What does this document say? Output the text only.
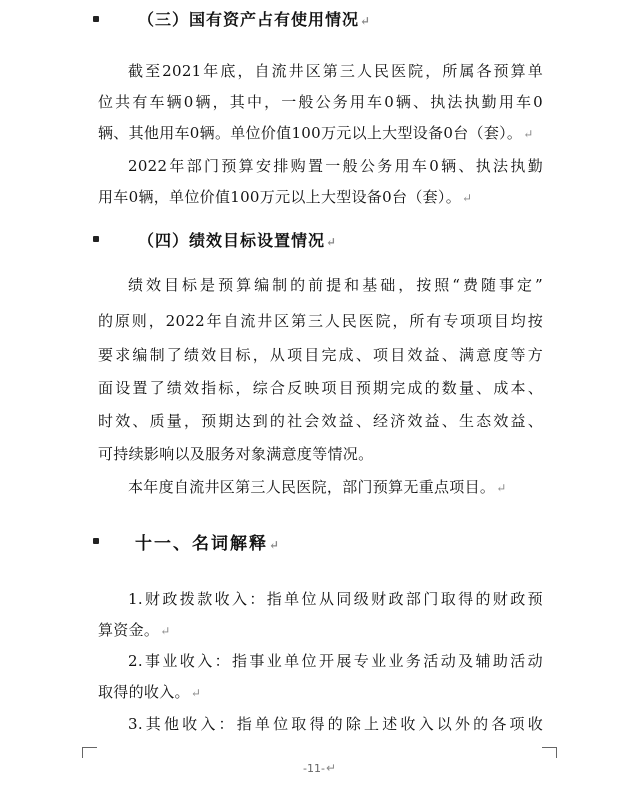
（三）国有资产占有使用情况↵
截至2021年底，自流井区第三人民医院，所属各预算单
位共有车辆0辆，其中，一般公务用车0辆、执法执勤用车0
辆、其他用车0辆。单位价值100万元以上大型设备0台（套）。↵
2022年部门预算安排购置一般公务用车0辆、执法执勤
用车0辆，单位价值100万元以上大型设备0台（套）。↵
（四）绩效目标设置情况↵
绩效目标是预算编制的前提和基础，按照“费随事定”
的原则，2022年自流井区第三人民医院，所有专项项目均按
要求编制了绩效目标，从项目完成、项目效益、满意度等方
面设置了绩效指标，综合反映项目预期完成的数量、成本、
时效、质量，预期达到的社会效益、经济效益、生态效益、
可持续影响以及服务对象满意度等情况。
本年度自流井区第三人民医院，部门预算无重点项目。↵
十一、名词解释↵
1.财政拨款收入：指单位从同级财政部门取得的财政预
算资金。↵
2.事业收入：指事业单位开展专业业务活动及辅助活动
取得的收入。↵
3.其他收入：指单位取得的除上述收入以外的各项收
-11-↵
